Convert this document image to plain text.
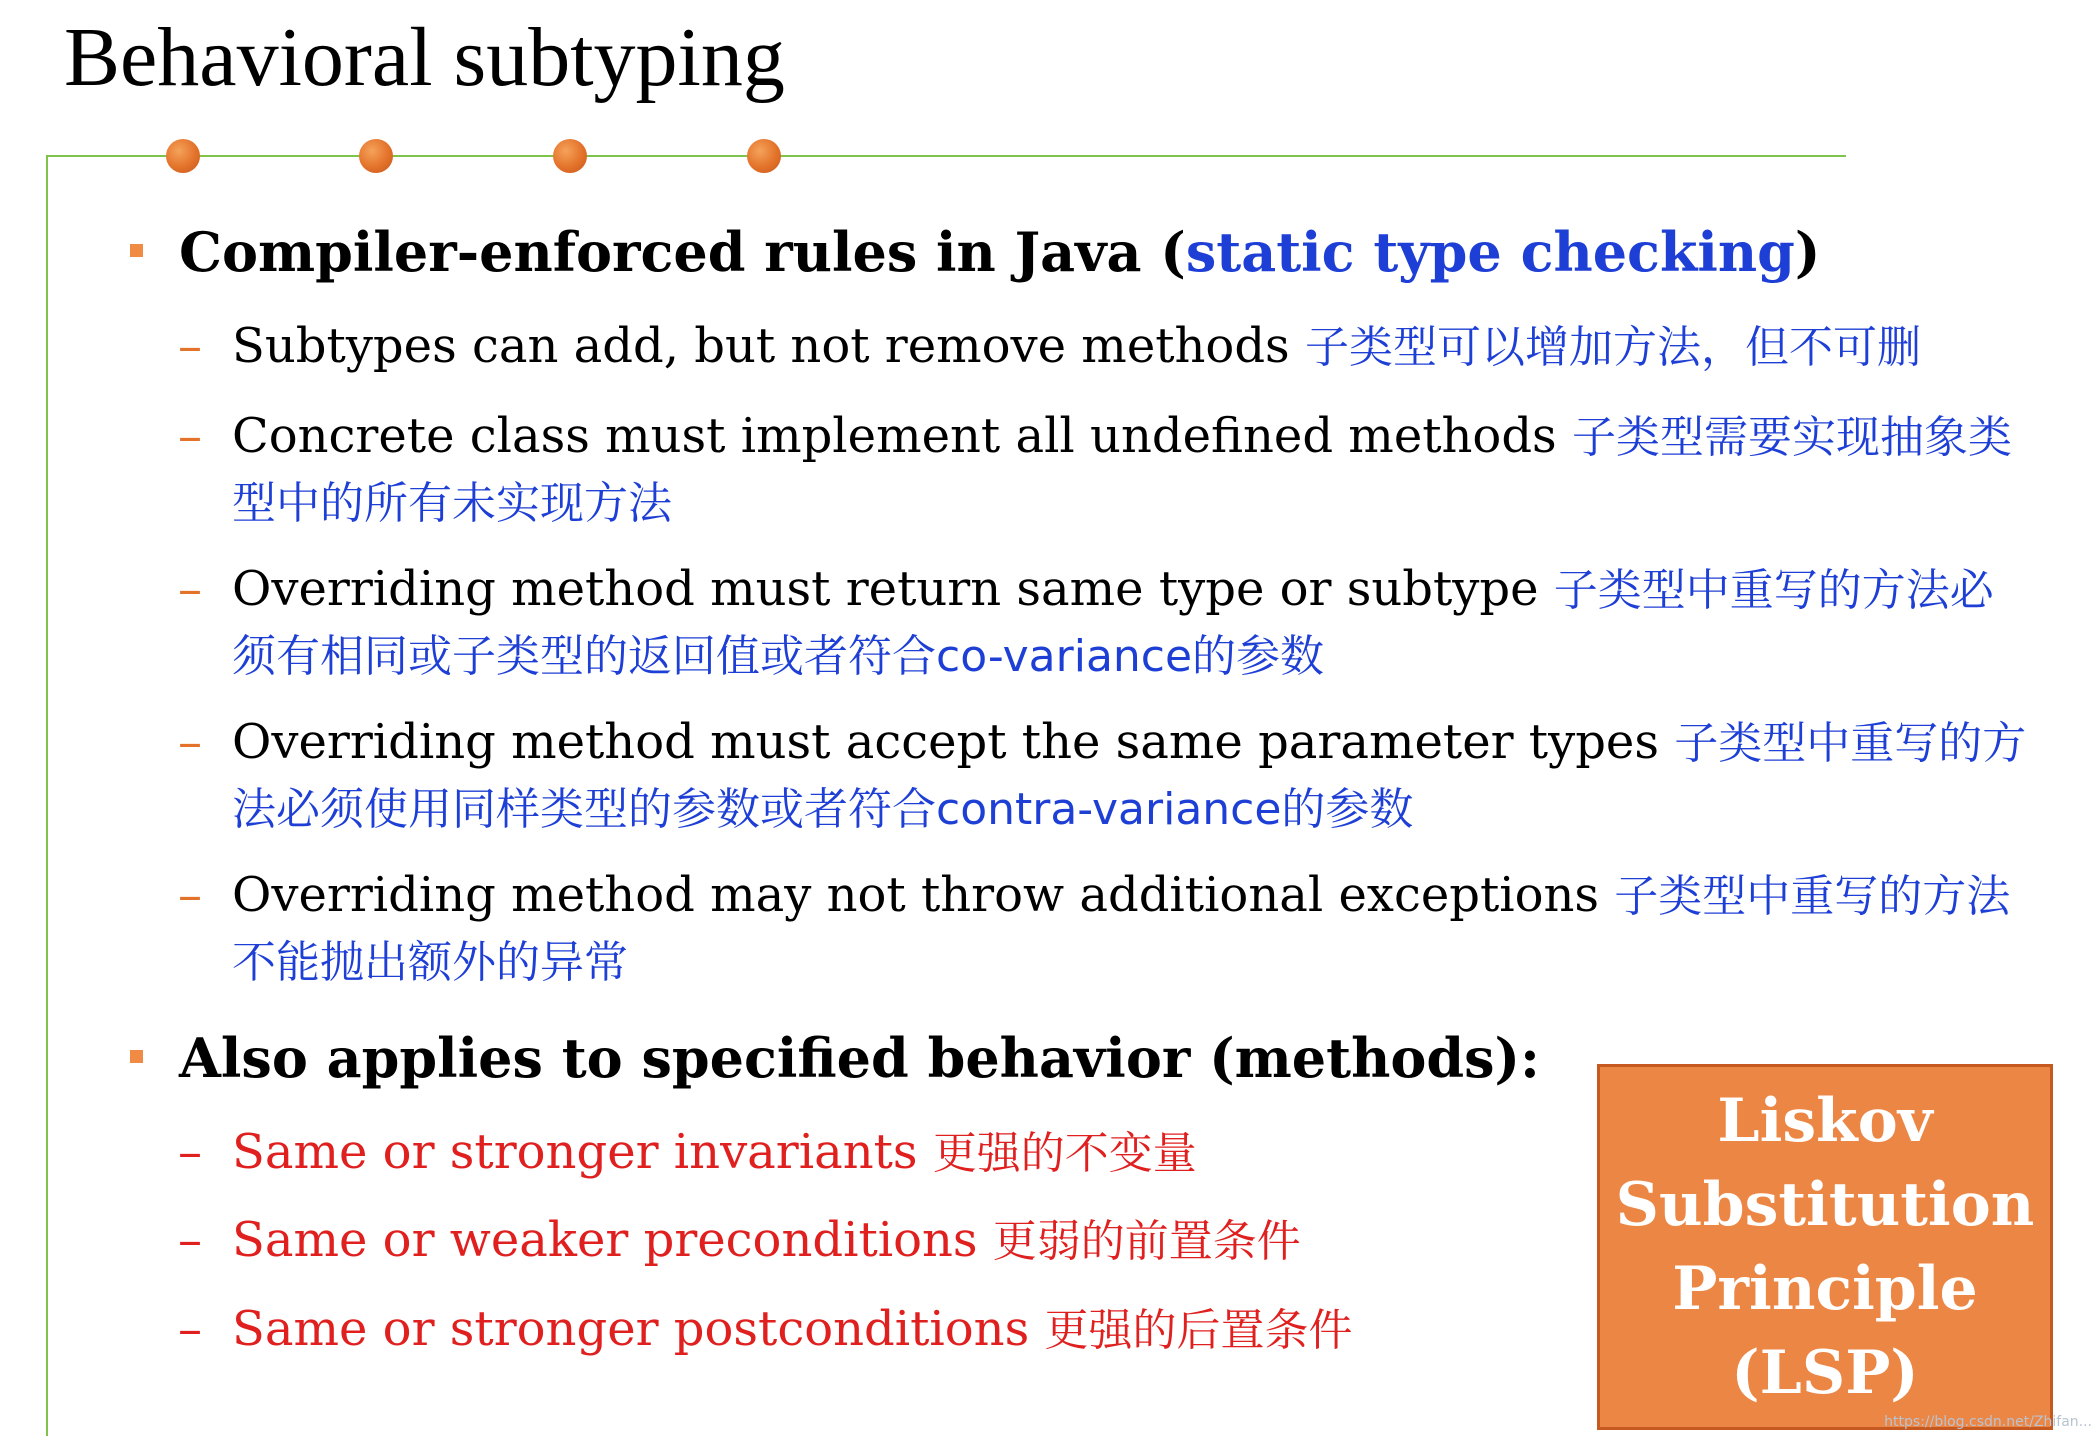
Behavioral subtyping
Compiler-enforced rules in Java (static type checking)
– Subtypes can add, but not remove methods 子类型可以增加方法，但不可删
– Concrete class must implement all undefined methods 子类型需要实现抽象类型中的所有未实现方法
– Overriding method must return same type or subtype 子类型中重写的方法必须有相同或子类型的返回值或者符合co-variance的参数
– Overriding method must accept the same parameter types 子类型中重写的方法必须使用同样类型的参数或者符合contra-variance的参数
– Overriding method may not throw additional exceptions 子类型中重写的方法不能抛出额外的异常
Also applies to specified behavior (methods):
– Same or stronger invariants 更强的不变量
– Same or weaker preconditions 更弱的前置条件
– Same or stronger postconditions 更强的后置条件
Liskov
Substitution
Principle
(LSP)
https://blog.csdn.net/Zhifan...
